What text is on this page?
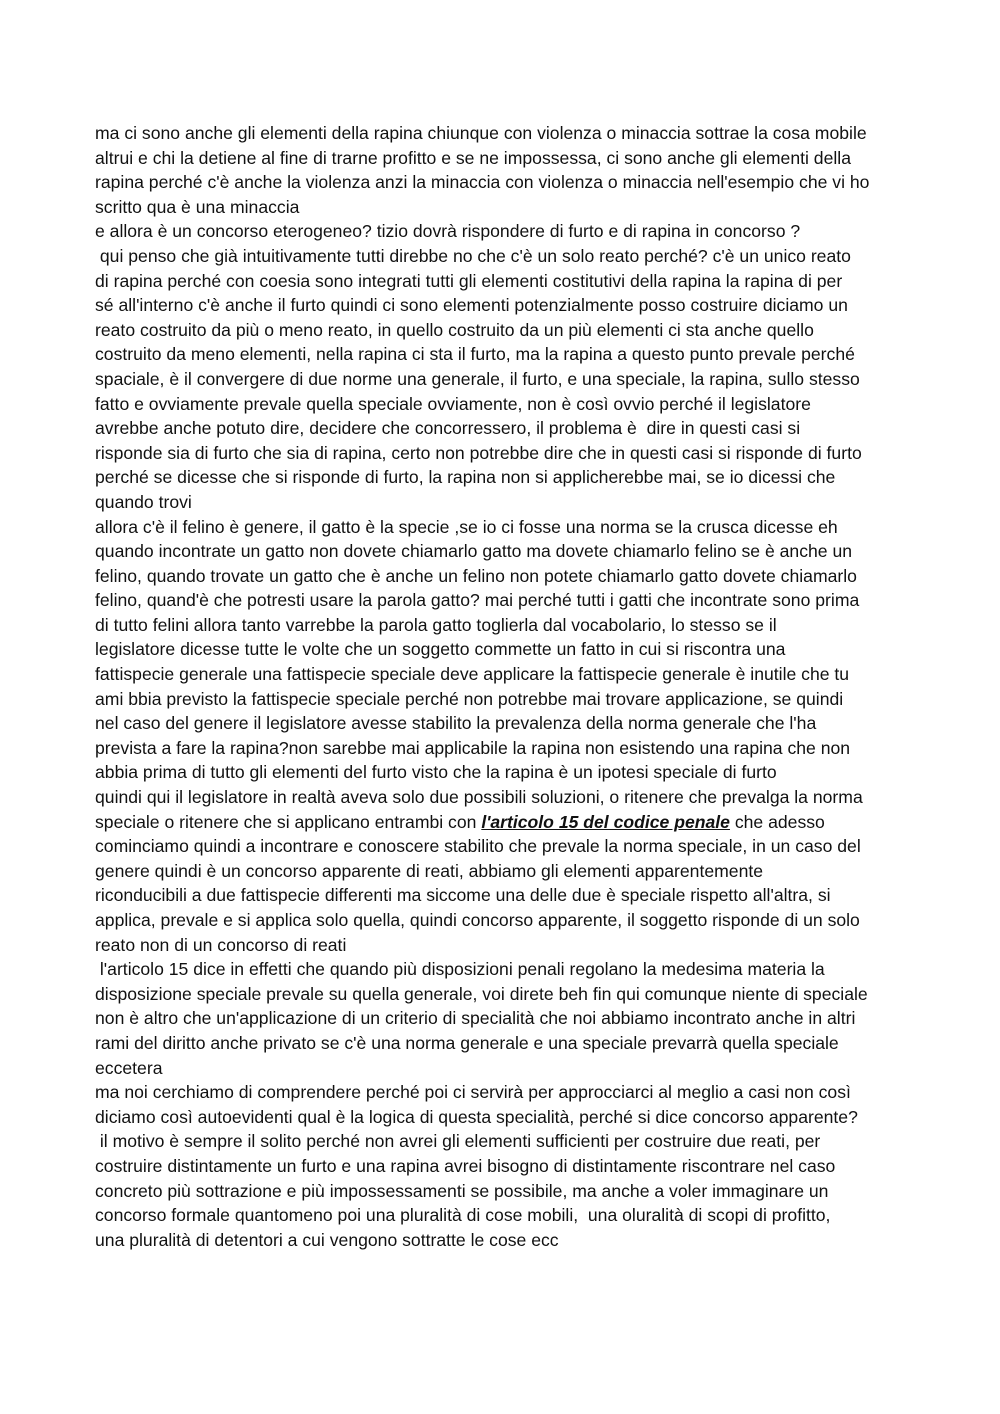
ma ci sono anche gli elementi della rapina chiunque con violenza o minaccia sottrae la cosa mobile
altrui e chi la detiene al fine di trarne profitto e se ne impossessa, ci sono anche gli elementi della
rapina perché c'è anche la violenza anzi la minaccia con violenza o minaccia nell'esempio che vi ho
scritto qua è una minaccia
e allora è un concorso eterogeneo? tizio dovrà rispondere di furto e di rapina in concorso ?
qui penso che già intuitivamente tutti direbbe no che c'è un solo reato perché? c'è un unico reato
di rapina perché con coesia sono integrati tutti gli elementi costitutivi della rapina la rapina di per
sé all'interno c'è anche il furto quindi ci sono elementi potenzialmente posso costruire diciamo un
reato costruito da più o meno reato, in quello costruito da un più elementi ci sta anche quello
costruito da meno elementi, nella rapina ci sta il furto, ma la rapina a questo punto prevale perché
spaciale, è il convergere di due norme una generale, il furto, e una speciale, la rapina, sullo stesso
fatto e ovviamente prevale quella speciale ovviamente, non è così ovvio perché il legislatore
avrebbe anche potuto dire, decidere che concorressero, il problema è  dire in questi casi si
risponde sia di furto che sia di rapina, certo non potrebbe dire che in questi casi si risponde di furto
perché se dicesse che si risponde di furto, la rapina non si applicherebbe mai, se io dicessi che
quando trovi
allora c'è il felino è genere, il gatto è la specie ,se io ci fosse una norma se la crusca dicesse eh
quando incontrate un gatto non dovete chiamarlo gatto ma dovete chiamarlo felino se è anche un
felino, quando trovate un gatto che è anche un felino non potete chiamarlo gatto dovete chiamarlo
felino, quand'è che potresti usare la parola gatto? mai perché tutti i gatti che incontrate sono prima
di tutto felini allora tanto varrebbe la parola gatto toglierla dal vocabolario, lo stesso se il
legislatore dicesse tutte le volte che un soggetto commette un fatto in cui si riscontra una
fattispecie generale una fattispecie speciale deve applicare la fattispecie generale è inutile che tu
ami bbia previsto la fattispecie speciale perché non potrebbe mai trovare applicazione, se quindi
nel caso del genere il legislatore avesse stabilito la prevalenza della norma generale che l'ha
prevista a fare la rapina?non sarebbe mai applicabile la rapina non esistendo una rapina che non
abbia prima di tutto gli elementi del furto visto che la rapina è un ipotesi speciale di furto
quindi qui il legislatore in realtà aveva solo due possibili soluzioni, o ritenere che prevalga la norma
speciale o ritenere che si applicano entrambi con l'articolo 15 del codice penale che adesso
cominciamo quindi a incontrare e conoscere stabilito che prevale la norma speciale, in un caso del
genere quindi è un concorso apparente di reati, abbiamo gli elementi apparentemente
riconducibili a due fattispecie differenti ma siccome una delle due è speciale rispetto all'altra, si
applica, prevale e si applica solo quella, quindi concorso apparente, il soggetto risponde di un solo
reato non di un concorso di reati
l'articolo 15 dice in effetti che quando più disposizioni penali regolano la medesima materia la
disposizione speciale prevale su quella generale, voi direte beh fin qui comunque niente di speciale
non è altro che un'applicazione di un criterio di specialità che noi abbiamo incontrato anche in altri
rami del diritto anche privato se c'è una norma generale e una speciale prevarrà quella speciale
eccetera
ma noi cerchiamo di comprendere perché poi ci servirà per approcciarci al meglio a casi non così
diciamo così autoevidenti qual è la logica di questa specialità, perché si dice concorso apparente?
il motivo è sempre il solito perché non avrei gli elementi sufficienti per costruire due reati, per
costruire distintamente un furto e una rapina avrei bisogno di distintamente riscontrare nel caso
concreto più sottrazione e più impossessamenti se possibile, ma anche a voler immaginare un
concorso formale quantomeno poi una pluralità di cose mobili,  una oluralità di scopi di profitto,
una pluralità di detentori a cui vengono sottratte le cose ecc
